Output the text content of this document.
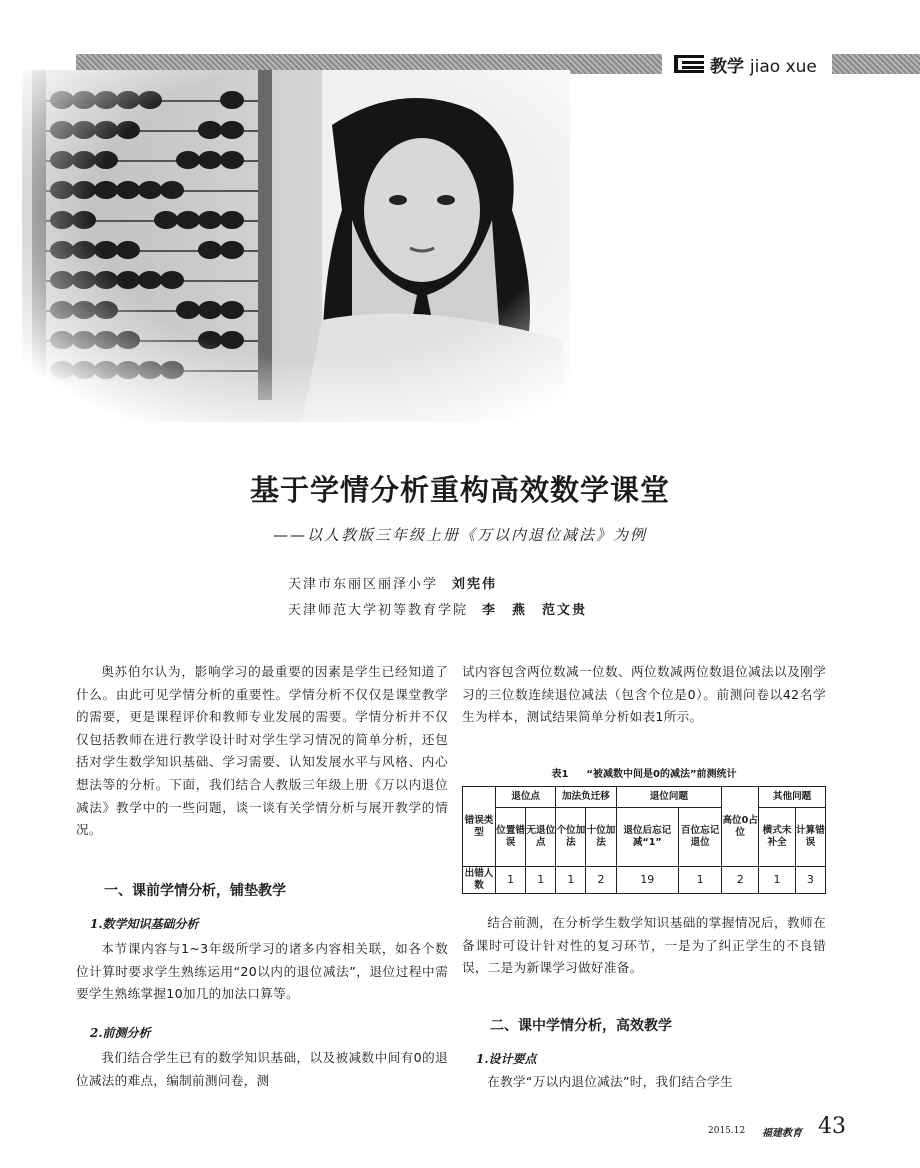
教学 jiao xue
基于学情分析重构高效数学课堂
——以人教版三年级上册《万以内退位减法》为例
天津市东丽区丽泽小学 刘宪伟
天津师范大学初等教育学院 李　燕　范文贵

奥苏伯尔认为，影响学习的最重要的因素是学生已经知道了什么。由此可见学情分析的重要性。学情分析不仅仅是课堂教学的需要，更是课程评价和教师专业发展的需要。学情分析并不仅仅包括教师在进行教学设计时对学生学习情况的简单分析，还包括对学生数学知识基础、学习需要、认知发展水平与风格、内心想法等的分析。下面，我们结合人教版三年级上册《万以内退位减法》教学中的一些问题，谈一谈有关学情分析与展开教学的情况。

一、课前学情分析，铺垫教学
1.数学知识基础分析

本节课内容与1~3年级所学习的诸多内容相关联，如各个数位计算时要求学生熟练运用“20以内的退位减法”，退位过程中需要学生熟练掌握10加几的加法口算等。

2.前测分析

我们结合学生已有的数学知识基础，以及被减数中间有0的退位减法的难点，编制前测问卷，测

试内容包含两位数减一位数、两位数减两位数退位减法以及刚学习的三位数连续退位减法（包含个位是0）。前测问卷以42名学生为样本，测试结果简单分析如表1所示。

表1 “被减数中间是0的减法”前测统计
错误类型	退位点		加法负迁移		退位问题		高位0占位	其他问题	
	位置错误	无退位点	个位加法	十位加法	退位后忘记减“1”	百位忘记退位		横式未补全	计算错误
出错人数	1	1	1	2	19	1	2	1	3

结合前测，在分析学生数学知识基础的掌握情况后，教师在备课时可设计针对性的复习环节，一是为了纠正学生的不良错误，二是为新课学习做好准备。

二、课中学情分析，高效教学
1.设计要点

在教学“万以内退位减法”时，我们结合学生

2015.12 福建教育 43
